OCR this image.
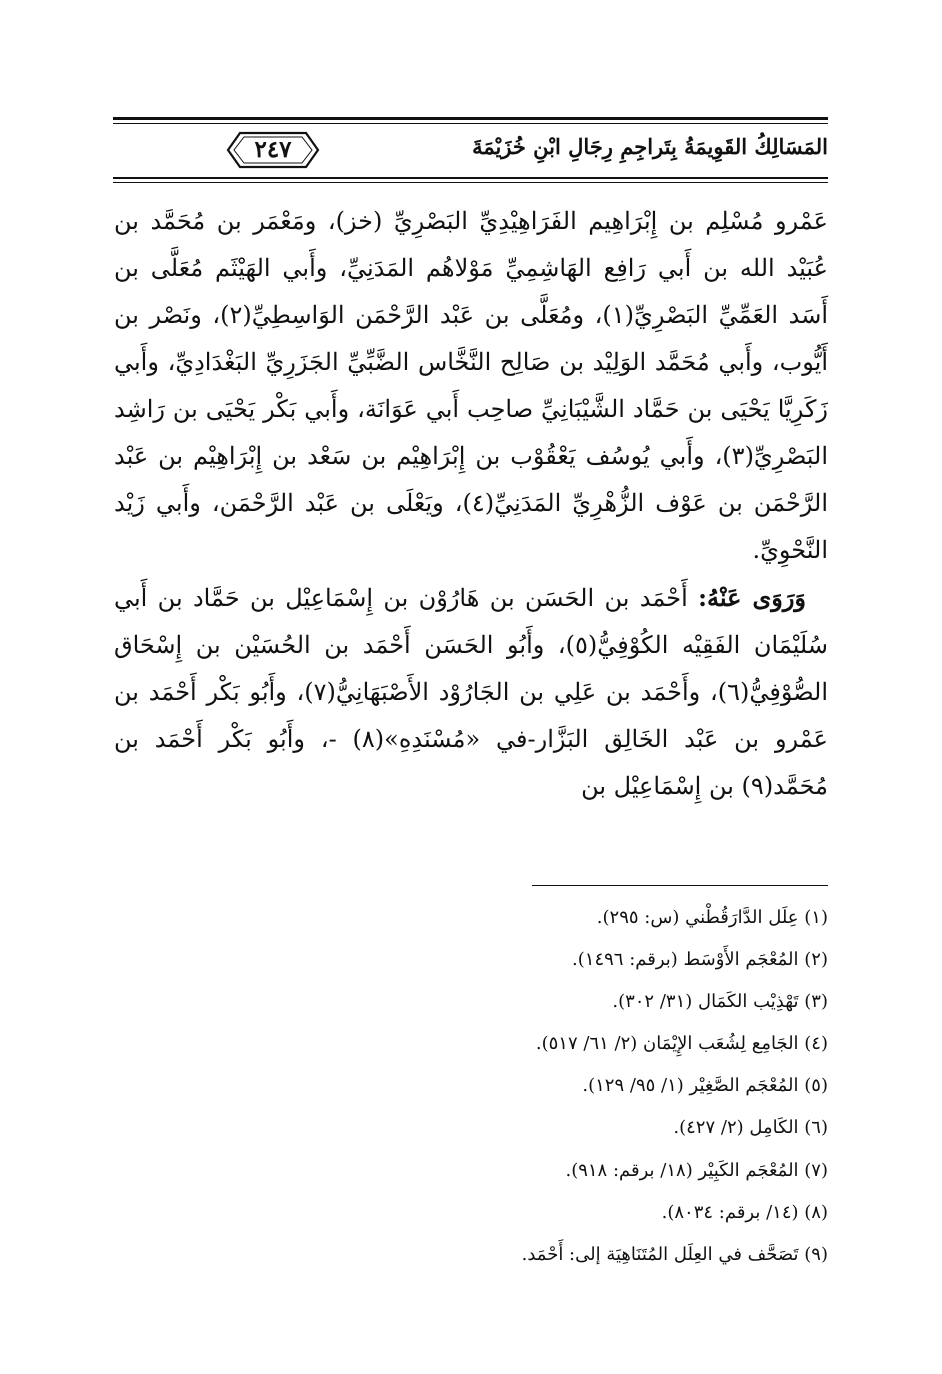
٢٤٧	المَسَالِكُ القَوِيمَةُ بِتَراجِمِ رِجَالِ ابْنِ خُزَيْمَةَ

عَمْرو مُسْلِم بن إِبْرَاهِيم الفَرَاهِيْدِيِّ البَصْرِيِّ (خز)، ومَعْمَر بن مُحَمَّد بن عُبَيْد الله بن أَبي رَافِع الهَاشِمِيِّ مَوْلاهُم المَدَنِيِّ، وأَبي الهَيْثَم مُعَلَّى بن أَسَد العَمِّيِّ البَصْرِيِّ(١)، ومُعَلَّى بن عَبْد الرَّحْمَن الوَاسِطِيِّ(٢)، ونَصْر بن أَيُّوب، وأَبي مُحَمَّد الوَلِيْد بن صَالِح النَّخَّاس الضَّبِّيِّ الجَزَرِيِّ البَغْدَادِيِّ، وأَبي زَكَرِيَّا يَحْيَى بن حَمَّاد الشَّيْبَانِيِّ صاحِب أَبي عَوَانَة، وأَبي بَكْر يَحْيَى بن رَاشِد البَصْرِيِّ(٣)، وأَبي يُوسُف يَعْقُوْب بن إِبْرَاهِيْم بن سَعْد بن إِبْرَاهِيْم بن عَبْد الرَّحْمَن بن عَوْف الزُّهْرِيِّ المَدَنِيِّ(٤)، ويَعْلَى بن عَبْد الرَّحْمَن، وأَبي زَيْد النَّحْوِيِّ.

وَرَوَى عَنْهُ: أَحْمَد بن الحَسَن بن هَارُوْن بن إِسْمَاعِيْل بن حَمَّاد بن أَبي سُلَيْمَان الفَقِيْه الكُوْفِيُّ(٥)، وأَبُو الحَسَن أَحْمَد بن الحُسَيْن بن إِسْحَاق الصُّوْفِيُّ(٦)، وأَحْمَد بن عَلِي بن الجَارُوْد الأَصْبَهَانِيُّ(٧)، وأَبُو بَكْر أَحْمَد بن عَمْرو بن عَبْد الخَالِق البَزَّار-في «مُسْنَدِهِ»(٨) -، وأَبُو بَكْر أَحْمَد بن مُحَمَّد(٩) بن إِسْمَاعِيْل بن

(١) عِلَل الدَّارَقُطْني (س: ٢٩٥).
(٢) المُعْجَم الأَوْسَط (برقم: ١٤٩٦).
(٣) تَهْذِيْب الكَمَال (٣١/ ٣٠٢).
(٤) الجَامِع لِشُعَب الإِيْمَان (٢/ ٦١/ ٥١٧).
(٥) المُعْجَم الصَّغِيْر (١/ ٩٥/ ١٢٩).
(٦) الكَامِل (٢/ ٤٢٧).
(٧) المُعْجَم الكَبِيْر (١٨/ برقم: ٩١٨).
(٨) (١٤/ برقم: ٨٠٣٤).
(٩) تَصَحَّف في العِلَل المُتَنَاهِيَة إلى: أَحْمَد.
